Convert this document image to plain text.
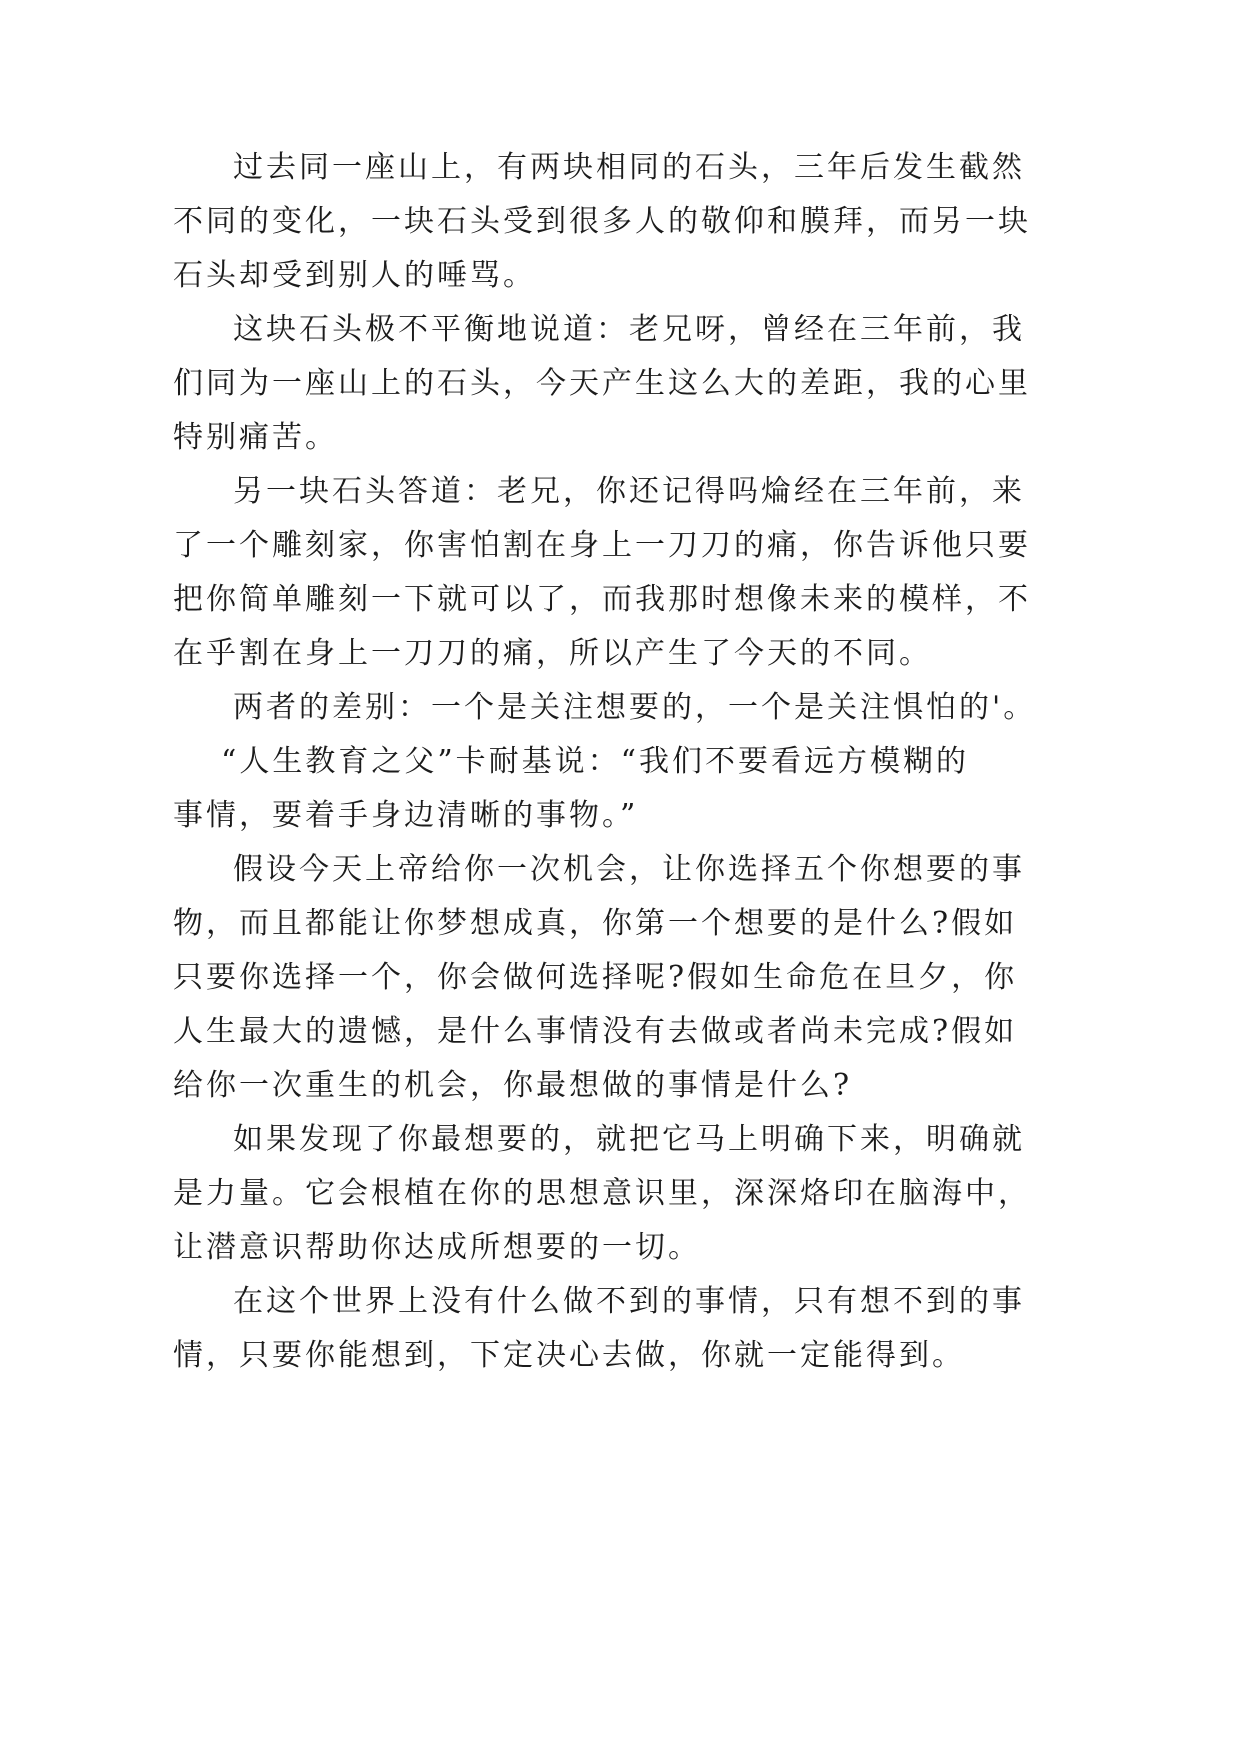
过去同一座山上，有两块相同的石头，三年后发生截然
不同的变化，一块石头受到很多人的敬仰和膜拜，而另一块
石头却受到别人的唾骂。
这块石头极不平衡地说道：老兄呀，曾经在三年前，我
们同为一座山上的石头，今天产生这么大的差距，我的心里
特别痛苦。
另一块石头答道：老兄，你还记得吗㷍经在三年前，来
了一个雕刻家，你害怕割在身上一刀刀的痛，你告诉他只要
把你简单雕刻一下就可以了，而我那时想像未来的模样，不
在乎割在身上一刀刀的痛，所以产生了今天的不同。
两者的差别：一个是关注想要的，一个是关注惧怕的'。
“人生教育之父”卡耐基说：“我们不要看远方模糊的
事情，要着手身边清晰的事物。”
假设今天上帝给你一次机会，让你选择五个你想要的事
物，而且都能让你梦想成真，你第一个想要的是什么?假如
只要你选择一个，你会做何选择呢?假如生命危在旦夕，你
人生最大的遗憾，是什么事情没有去做或者尚未完成?假如
给你一次重生的机会，你最想做的事情是什么?
如果发现了你最想要的，就把它马上明确下来，明确就
是力量。它会根植在你的思想意识里，深深烙印在脑海中，
让潜意识帮助你达成所想要的一切。
在这个世界上没有什么做不到的事情，只有想不到的事
情，只要你能想到，下定决心去做，你就一定能得到。
